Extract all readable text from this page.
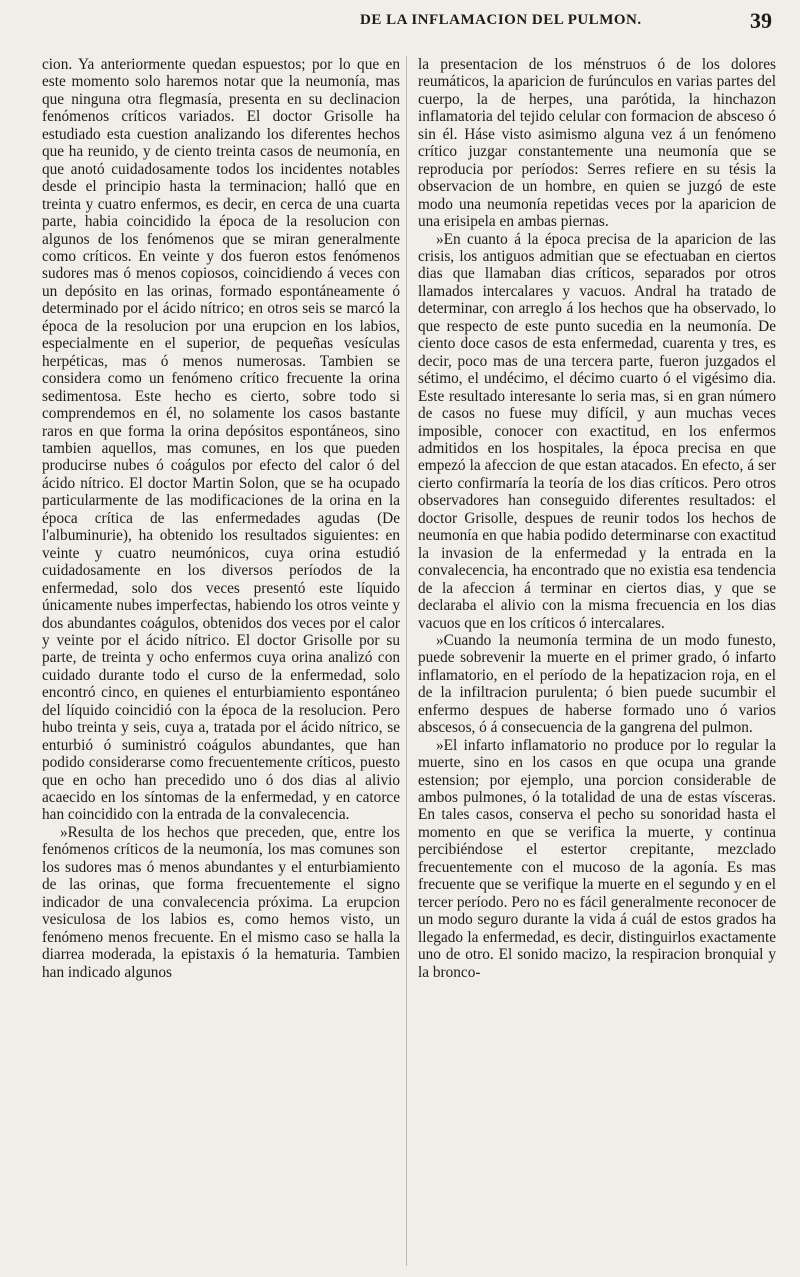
DE LA INFLAMACION DEL PULMON.	39

cion. Ya anteriormente quedan espuestos; por lo que en este momento solo haremos notar que la neumonía, mas que ninguna otra flegmasía, presenta en su declinacion fenómenos críticos variados. El doctor Grisolle ha estudiado esta cuestion analizando los diferentes hechos que ha reunido, y de ciento treinta casos de neumonía, en que anotó cuidadosamente todos los incidentes notables desde el principio hasta la terminacion; halló que en treinta y cuatro enfermos, es decir, en cerca de una cuarta parte, habia coincidido la época de la resolucion con algunos de los fenómenos que se miran generalmente como críticos. En veinte y dos fueron estos fenómenos sudores mas ó menos copiosos, coincidiendo á veces con un depósito en las orinas, formado espontáneamente ó determinado por el ácido nítrico; en otros seis se marcó la época de la resolucion por una erupcion en los labios, especialmente en el superior, de pequeñas vesículas herpéticas, mas ó menos numerosas. Tambien se considera como un fenómeno crítico frecuente la orina sedimentosa. Este hecho es cierto, sobre todo si comprendemos en él, no solamente los casos bastante raros en que forma la orina depósitos espontáneos, sino tambien aquellos, mas comunes, en los que pueden producirse nubes ó coágulos por efecto del calor ó del ácido nítrico. El doctor Martin Solon, que se ha ocupado particularmente de las modificaciones de la orina en la época crítica de las enfermedades agudas (De l'albuminurie), ha obtenido los resultados siguientes: en veinte y cuatro neumónicos, cuya orina estudió cuidadosamente en los diversos períodos de la enfermedad, solo dos veces presentó este líquido únicamente nubes imperfectas, habiendo los otros veinte y dos abundantes coágulos, obtenidos dos veces por el calor y veinte por el ácido nítrico. El doctor Grisolle por su parte, de treinta y ocho enfermos cuya orina analizó con cuidado durante todo el curso de la enfermedad, solo encontró cinco, en quienes el enturbiamiento espontáneo del líquido coincidió con la época de la resolucion. Pero hubo treinta y seis, cuya a, tratada por el ácido nítrico, se enturbió ó suministró coágulos abundantes, que han podido considerarse como frecuentemente críticos, puesto que en ocho han precedido uno ó dos dias al alivio acaecido en los síntomas de la enfermedad, y en catorce han coincidido con la entrada de la convalecencia.

»Resulta de los hechos que preceden, que, entre los fenómenos críticos de la neumonía, los mas comunes son los sudores mas ó menos abundantes y el enturbiamiento de las orinas, que forma frecuentemente el signo indicador de una convalecencia próxima. La erupcion vesiculosa de los labios es, como hemos visto, un fenómeno menos frecuente. En el mismo caso se halla la diarrea moderada, la epistaxis ó la hematuria. Tambien han indicado algunos

la presentacion de los ménstruos ó de los dolores reumáticos, la aparicion de furúnculos en varias partes del cuerpo, la de herpes, una parótida, la hinchazon inflamatoria del tejido celular con formacion de absceso ó sin él. Háse visto asimismo alguna vez á un fenómeno crítico juzgar constantemente una neumonía que se reproducia por períodos: Serres refiere en su tésis la observacion de un hombre, en quien se juzgó de este modo una neumonía repetidas veces por la aparicion de una erisipela en ambas piernas.

»En cuanto á la época precisa de la aparicion de las crisis, los antiguos admitian que se efectuaban en ciertos dias que llamaban dias críticos, separados por otros llamados intercalares y vacuos. Andral ha tratado de determinar, con arreglo á los hechos que ha observado, lo que respecto de este punto sucedia en la neumonía. De ciento doce casos de esta enfermedad, cuarenta y tres, es decir, poco mas de una tercera parte, fueron juzgados el sétimo, el undécimo, el décimo cuarto ó el vigésimo dia. Este resultado interesante lo seria mas, si en gran número de casos no fuese muy difícil, y aun muchas veces imposible, conocer con exactitud, en los enfermos admitidos en los hospitales, la época precisa en que empezó la afeccion de que estan atacados. En efecto, á ser cierto confirmaría la teoría de los dias críticos. Pero otros observadores han conseguido diferentes resultados: el doctor Grisolle, despues de reunir todos los hechos de neumonía en que habia podido determinarse con exactitud la invasion de la enfermedad y la entrada en la convalecencia, ha encontrado que no existia esa tendencia de la afeccion á terminar en ciertos dias, y que se declaraba el alivio con la misma frecuencia en los dias vacuos que en los críticos ó intercalares.

»Cuando la neumonía termina de un modo funesto, puede sobrevenir la muerte en el primer grado, ó infarto inflamatorio, en el período de la hepatizacion roja, en el de la infiltracion purulenta; ó bien puede sucumbir el enfermo despues de haberse formado uno ó varios abscesos, ó á consecuencia de la gangrena del pulmon.

»El infarto inflamatorio no produce por lo regular la muerte, sino en los casos en que ocupa una grande estension; por ejemplo, una porcion considerable de ambos pulmones, ó la totalidad de una de estas vísceras. En tales casos, conserva el pecho su sonoridad hasta el momento en que se verifica la muerte, y continua percibiéndose el estertor crepitante, mezclado frecuentemente con el mucoso de la agonía. Es mas frecuente que se verifique la muerte en el segundo y en el tercer período. Pero no es fácil generalmente reconocer de un modo seguro durante la vida á cuál de estos grados ha llegado la enfermedad, es decir, distinguirlos exactamente uno de otro. El sonido macizo, la respiracion bronquial y la bronco-
